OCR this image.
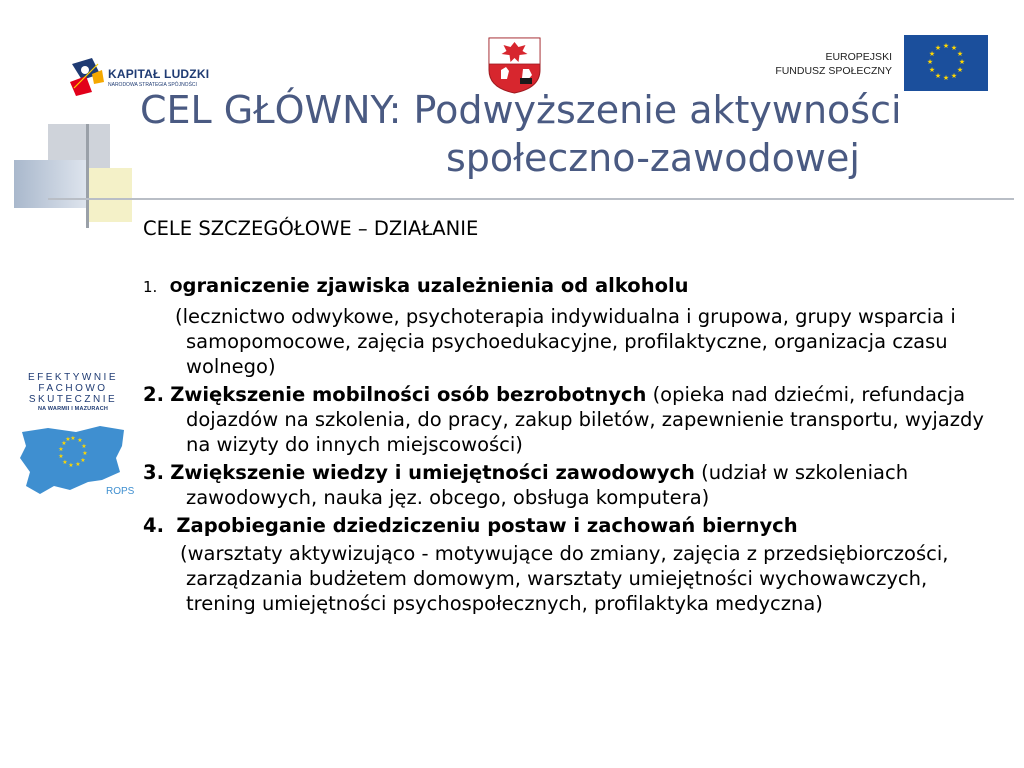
KAPITAŁ LUDZKI
NARODOWA STRATEGIA SPÓJNOŚCI
EUROPEJSKI
FUNDUSZ SPOŁECZNY
★ ★
★
★
★
★
★
★
★
★
★
★
CEL GŁÓWNY: Podwyższenie aktywności
społeczno-zawodowej
EFEKTYWNIE
FACHOWO
SKUTECZNIE
NA WARMII I MAZURACH
★ ★
★
★
★
★
★
★
★
★
★
★
ROPS
CELE SZCZEGÓŁOWE – DZIAŁANIE
1. Ograniczenie zjawiska uzależnienia od alkoholu
(lecznictwo odwykowe, psychoterapia indywidualna i grupowa, grupy wsparcia i samopomocowe, zajęcia psychoedukacyjne, profilaktyczne, organizacja czasu wolnego)
2. Zwiększenie mobilności osób bezrobotnych (opieka nad dziećmi, refundacja dojazdów na szkolenia, do pracy, zakup biletów, zapewnienie transportu, wyjazdy na wizyty do innych miejscowości)
3. Zwiększenie wiedzy i umiejętności zawodowych (udział w szkoleniach zawodowych, nauka jęz. obcego, obsługa komputera)
4. Zapobieganie dziedziczeniu postaw i zachowań biernych
(warsztaty aktywizująco - motywujące do zmiany, zajęcia z przedsiębiorczości, zarządzania budżetem domowym, warsztaty umiejętności wychowawczych, trening umiejętności psychospołecznych, profilaktyka medyczna)
